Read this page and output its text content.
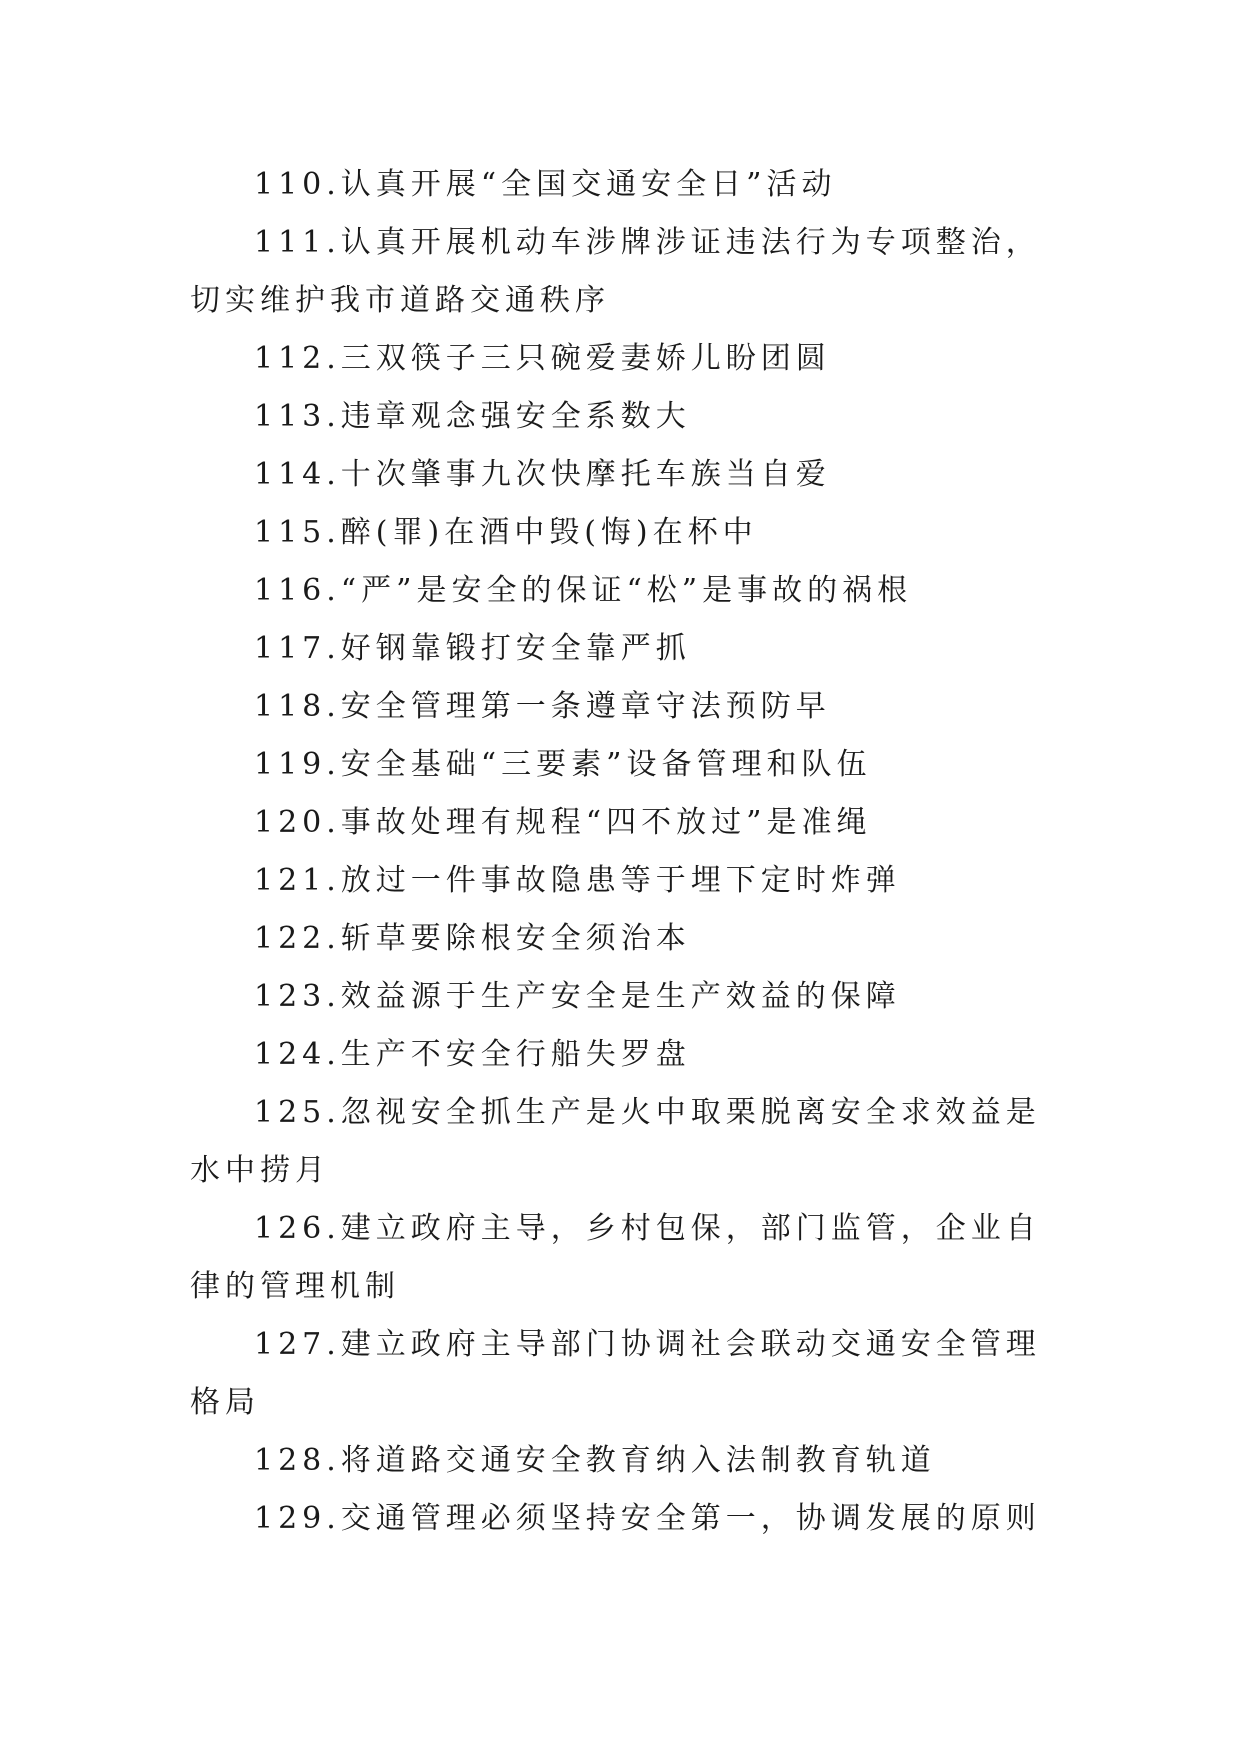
110.认真开展“全国交通安全日”活动

111.认真开展机动车涉牌涉证违法行为专项整治，切实维护我市道路交通秩序

112.三双筷子三只碗爱妻娇儿盼团圆

113.违章观念强安全系数大

114.十次肇事九次快摩托车族当自爱

115.醉(罪)在酒中毁(悔)在杯中

116.“严”是安全的保证“松”是事故的祸根

117.好钢靠锻打安全靠严抓

118.安全管理第一条遵章守法预防早

119.安全基础“三要素”设备管理和队伍

120.事故处理有规程“四不放过”是准绳

121.放过一件事故隐患等于埋下定时炸弹

122.斩草要除根安全须治本

123.效益源于生产安全是生产效益的保障

124.生产不安全行船失罗盘

125.忽视安全抓生产是火中取栗脱离安全求效益是水中捞月

126.建立政府主导，乡村包保，部门监管，企业自律的管理机制

127.建立政府主导部门协调社会联动交通安全管理格局

128.将道路交通安全教育纳入法制教育轨道

129.交通管理必须坚持安全第一，协调发展的原则
